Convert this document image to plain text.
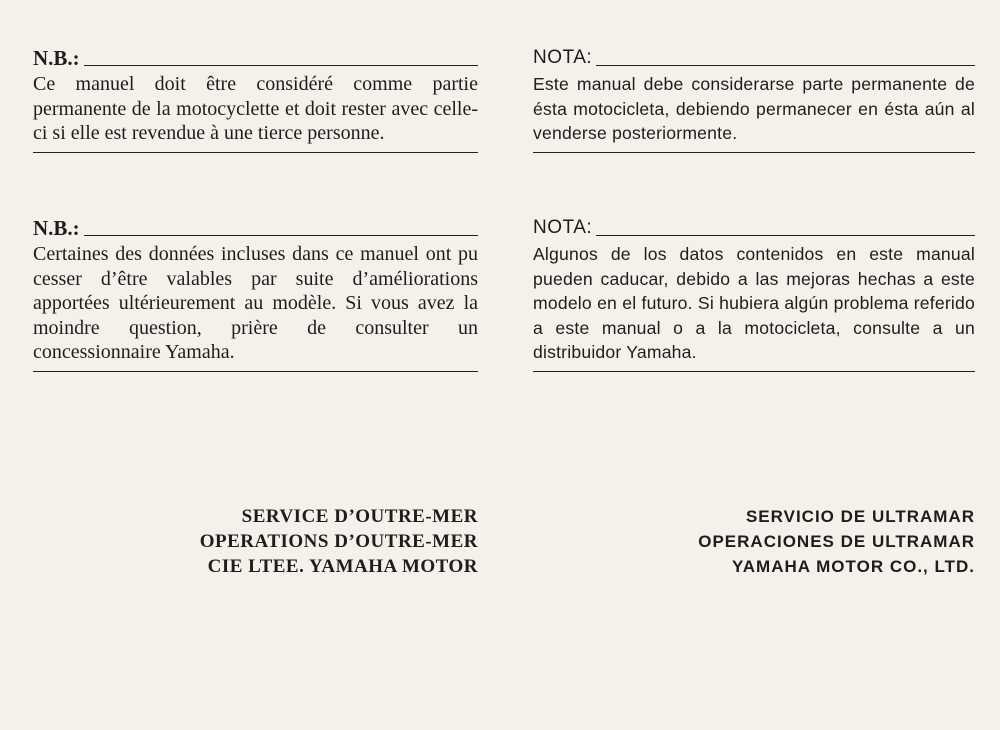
N.B.:

Ce manuel doit être considéré comme partie permanente de la motocyclette et doit rester avec celle-ci si elle est revendue à une tierce personne.

N.B.:

Certaines des données incluses dans ce manuel ont pu cesser d’être valables par suite d’améliorations apportées ultérieurement au modèle. Si vous avez la moindre question, prière de consulter un concessionnaire Yamaha.

SERVICE D’OUTRE-MER
OPERATIONS D’OUTRE-MER
CIE LTEE. YAMAHA MOTOR
NOTA:

Este manual debe considerarse parte permanente de ésta motocicleta, debiendo permanecer en ésta aún al venderse posteriormente.

NOTA:

Algunos de los datos contenidos en este manual pueden caducar, debido a las mejoras hechas a este modelo en el futuro. Si hubiera algún problema referido a este manual o a la motocicleta, consulte a un distribuidor Yamaha.

SERVICIO DE ULTRAMAR
OPERACIONES DE ULTRAMAR
YAMAHA MOTOR CO., LTD.
